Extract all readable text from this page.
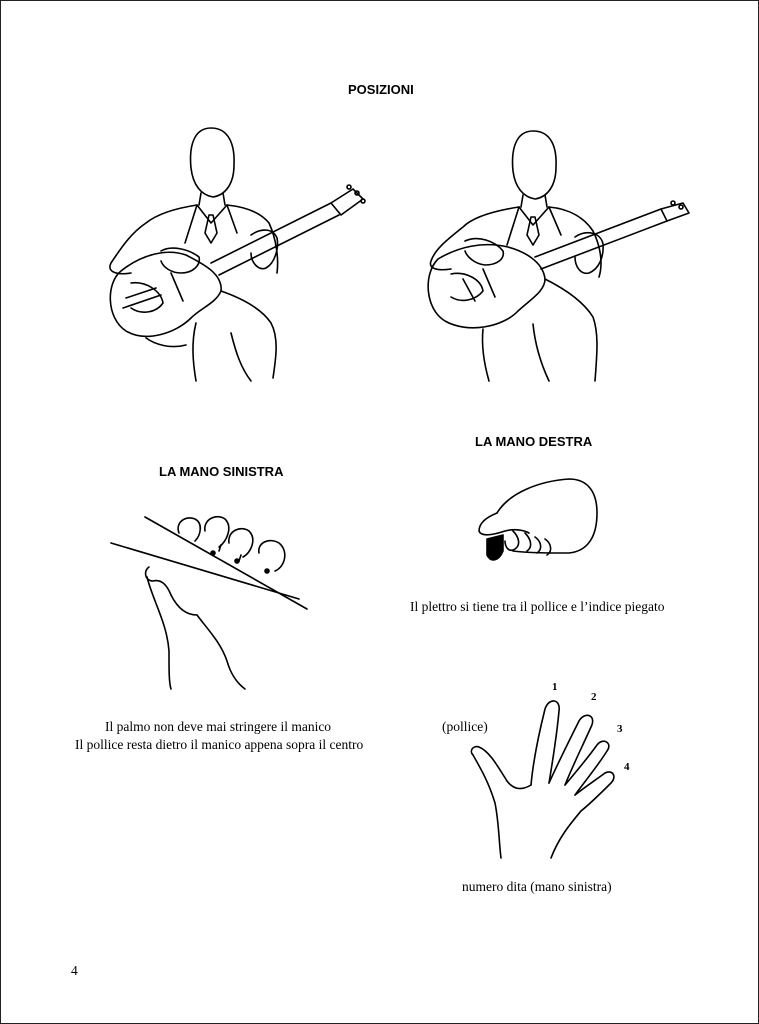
POSIZIONI
LA MANO DESTRA
LA MANO SINISTRA
Il plettro si tiene tra il pollice e l’indice piegato
1
2
3
4
(pollice)
Il palmo non deve mai stringere il manico
Il pollice resta dietro il manico appena sopra il centro
numero dita (mano sinistra)
4
